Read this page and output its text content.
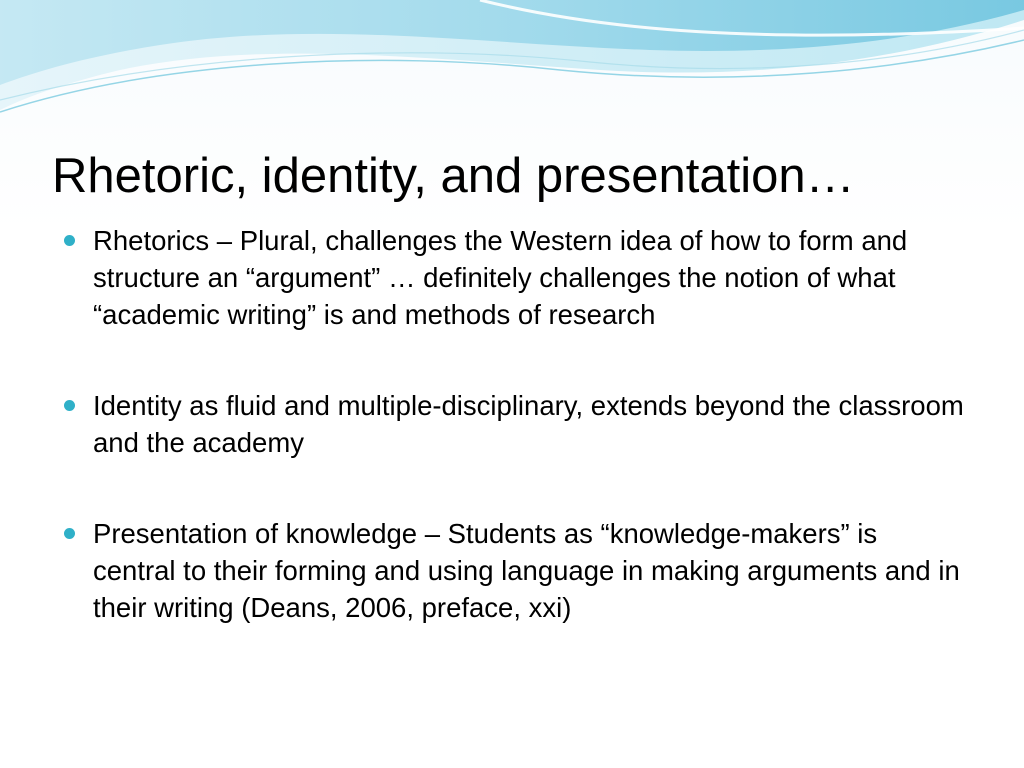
Rhetoric, identity, and presentation…
Rhetorics – Plural, challenges the Western idea of how to form and structure an “argument” … definitely challenges the notion of what “academic writing” is and methods of research
Identity as fluid and multiple-disciplinary, extends beyond the classroom and the academy
Presentation of knowledge – Students as “knowledge-makers” is central to their forming and using language in making arguments and in their writing (Deans, 2006, preface, xxi)
